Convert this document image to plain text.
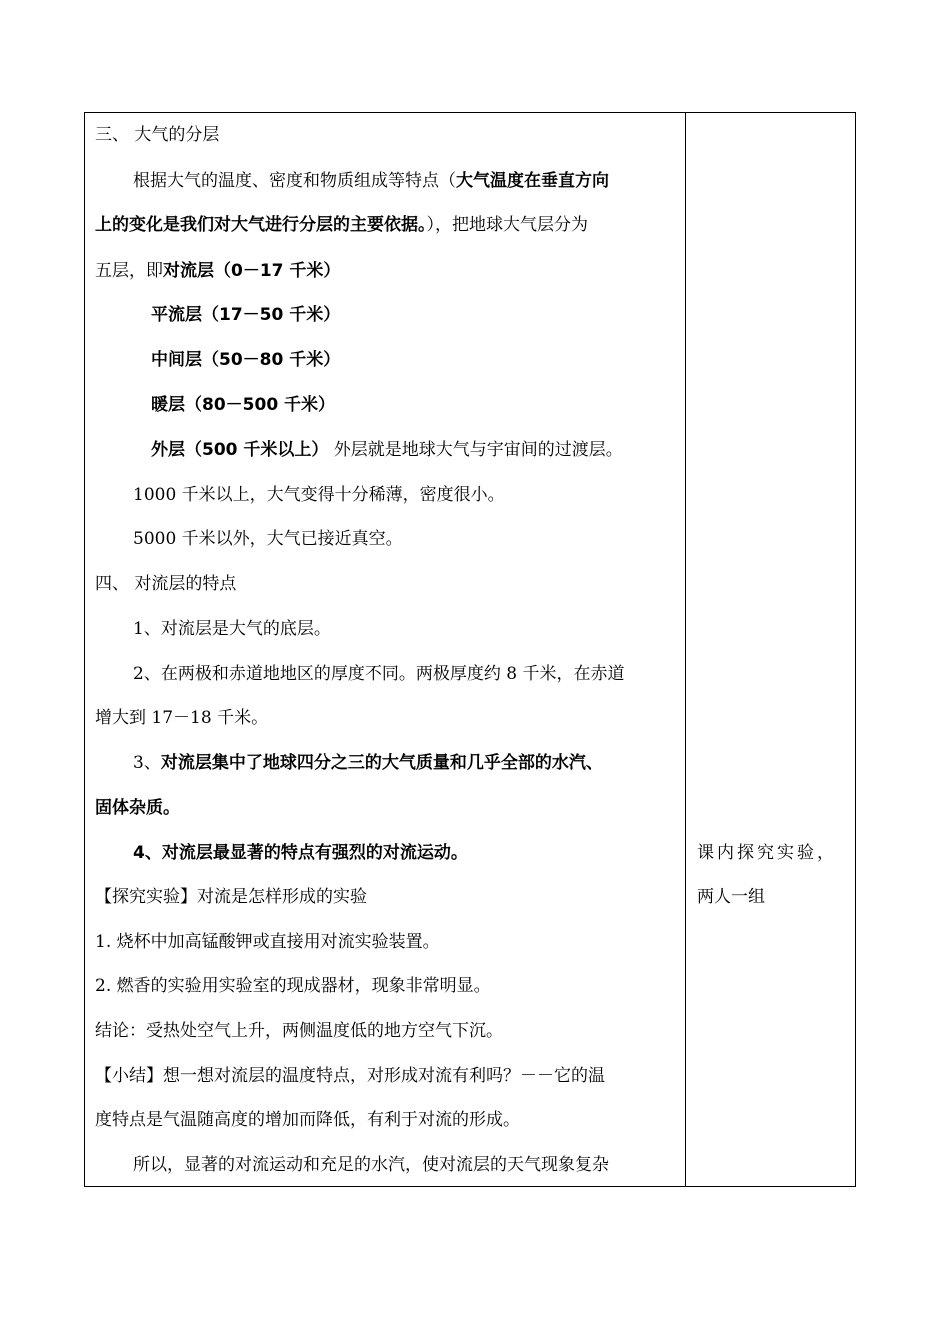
三、 大气的分层
根据大气的温度、密度和物质组成等特点（大气温度在垂直方向
上的变化是我们对大气进行分层的主要依据。），把地球大气层分为
五层，即对流层（0－17 千米）
平流层（17－50 千米）
中间层（50－80 千米）
暖层（80－500 千米）
外层（500 千米以上） 外层就是地球大气与宇宙间的过渡层。
1000 千米以上，大气变得十分稀薄，密度很小。
5000 千米以外，大气已接近真空。
四、 对流层的特点
1、对流层是大气的底层。
2、在两极和赤道地地区的厚度不同。两极厚度约 8 千米，在赤道
增大到 17－18 千米。
3、对流层集中了地球四分之三的大气质量和几乎全部的水汽、
固体杂质。
4、对流层最显著的特点有强烈的对流运动。
【探究实验】对流是怎样形成的实验
1. 烧杯中加高锰酸钾或直接用对流实验装置。
2. 燃香的实验用实验室的现成器材，现象非常明显。
结论：受热处空气上升，两侧温度低的地方空气下沉。
【小结】想一想对流层的温度特点，对形成对流有利吗？－－它的温
度特点是气温随高度的增加而降低，有利于对流的形成。
所以，显著的对流运动和充足的水汽，使对流层的天气现象复杂
课内探究实验，
两人一组
